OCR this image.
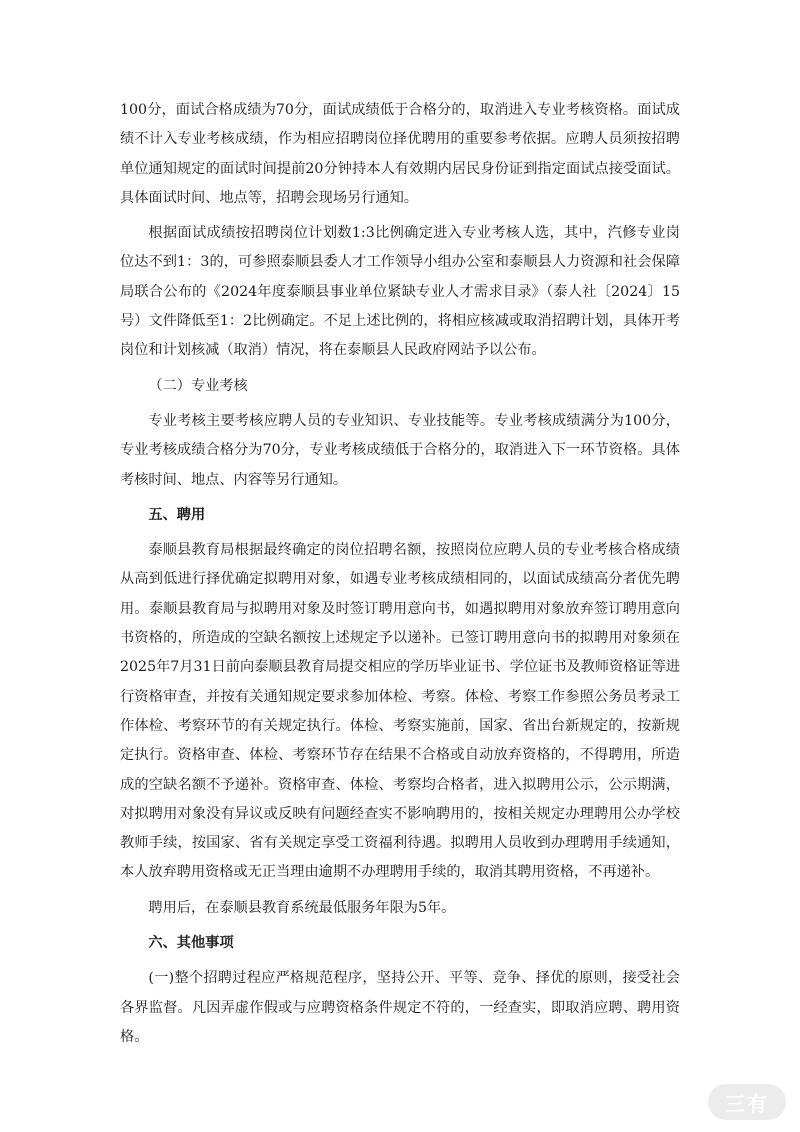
100分，面试合格成绩为70分，面试成绩低于合格分的，取消进入专业考核资格。面试成绩不计入专业考核成绩，作为相应招聘岗位择优聘用的重要参考依据。应聘人员须按招聘单位通知规定的面试时间提前20分钟持本人有效期内居民身份证到指定面试点接受面试。具体面试时间、地点等，招聘会现场另行通知。

根据面试成绩按招聘岗位计划数1:3比例确定进入专业考核人选，其中，汽修专业岗位达不到1：3的，可参照泰顺县委人才工作领导小组办公室和泰顺县人力资源和社会保障局联合公布的《2024年度泰顺县事业单位紧缺专业人才需求目录》（泰人社〔2024〕15号）文件降低至1：2比例确定。不足上述比例的，将相应核减或取消招聘计划，具体开考岗位和计划核减（取消）情况，将在泰顺县人民政府网站予以公布。

（二）专业考核

专业考核主要考核应聘人员的专业知识、专业技能等。专业考核成绩满分为100分，专业考核成绩合格分为70分，专业考核成绩低于合格分的，取消进入下一环节资格。具体考核时间、地点、内容等另行通知。

五、聘用

泰顺县教育局根据最终确定的岗位招聘名额，按照岗位应聘人员的专业考核合格成绩从高到低进行择优确定拟聘用对象，如遇专业考核成绩相同的，以面试成绩高分者优先聘用。泰顺县教育局与拟聘用对象及时签订聘用意向书，如遇拟聘用对象放弃签订聘用意向书资格的，所造成的空缺名额按上述规定予以递补。已签订聘用意向书的拟聘用对象须在2025年7月31日前向泰顺县教育局提交相应的学历毕业证书、学位证书及教师资格证等进行资格审查，并按有关通知规定要求参加体检、考察。体检、考察工作参照公务员考录工作体检、考察环节的有关规定执行。体检、考察实施前，国家、省出台新规定的，按新规定执行。资格审查、体检、考察环节存在结果不合格或自动放弃资格的，不得聘用，所造成的空缺名额不予递补。资格审查、体检、考察均合格者，进入拟聘用公示，公示期满，对拟聘用对象没有异议或反映有问题经查实不影响聘用的，按相关规定办理聘用公办学校教师手续，按国家、省有关规定享受工资福利待遇。拟聘用人员收到办理聘用手续通知，本人放弃聘用资格或无正当理由逾期不办理聘用手续的，取消其聘用资格，不再递补。

聘用后，在泰顺县教育系统最低服务年限为5年。

六、其他事项

(一)整个招聘过程应严格规范程序，坚持公开、平等、竞争、择优的原则，接受社会各界监督。凡因弄虚作假或与应聘资格条件规定不符的，一经查实，即取消应聘、聘用资格。

三有
